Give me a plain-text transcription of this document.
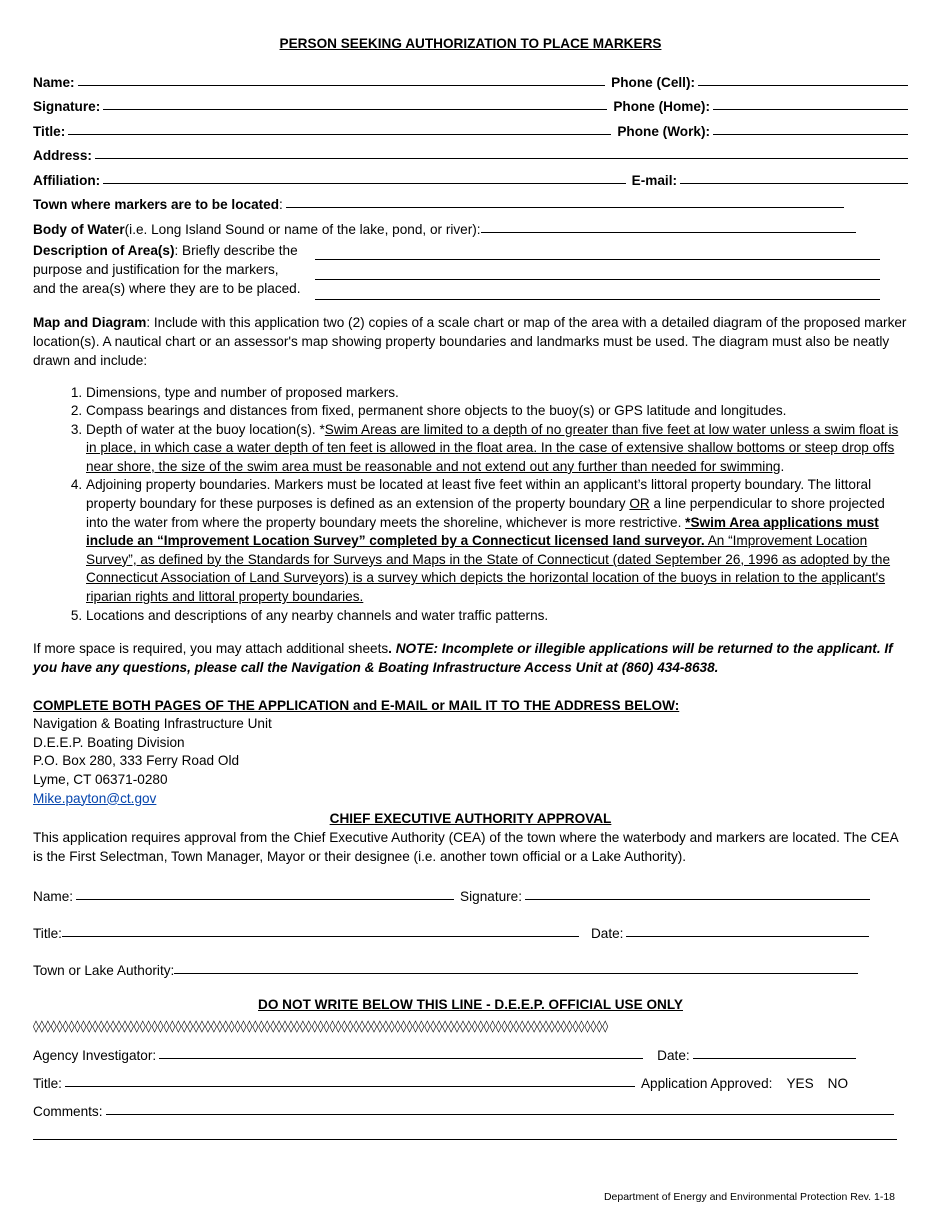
PERSON SEEKING AUTHORIZATION TO PLACE MARKERS
Name:	Phone (Cell):
Signature:	Phone (Home):
Title:	Phone (Work):
Address:
Affiliation:	E-mail:
Town where markers are to be located :
Body of Water (i.e. Long Island Sound or name of the lake, pond, or river):
Description of Area(s): Briefly describe the
purpose and justification for the markers,
and the area(s) where they are to be placed.

Map and Diagram: Include with this application two (2) copies of a scale chart or map of the area with a detailed diagram of the proposed marker location(s). A nautical chart or an assessor's map showing property boundaries and landmarks must be used. The diagram must also be neatly drawn and include:

1. Dimensions, type and number of proposed markers.
2. Compass bearings and distances from fixed, permanent shore objects to the buoy(s) or GPS latitude and longitudes.
3. Depth of water at the buoy location(s). *Swim Areas are limited to a depth of no greater than five feet at low water unless a swim float is in place, in which case a water depth of ten feet is allowed in the float area. In the case of extensive shallow bottoms or steep drop offs near shore, the size of the swim area must be reasonable and not extend out any further than needed for swimming.
4. Adjoining property boundaries. Markers must be located at least five feet within an applicant’s littoral property boundary. The littoral property boundary for these purposes is defined as an extension of the property boundary OR a line perpendicular to shore projected into the water from where the property boundary meets the shoreline, whichever is more restrictive. *Swim Area applications must include an “Improvement Location Survey” completed by a Connecticut licensed land surveyor. An “Improvement Location Survey”, as defined by the Standards for Surveys and Maps in the State of Connecticut (dated September 26, 1996 as adopted by the Connecticut Association of Land Surveyors) is a survey which depicts the horizontal location of the buoys in relation to the applicant's riparian rights and littoral property boundaries.
5. Locations and descriptions of any nearby channels and water traffic patterns.

If more space is required, you may attach additional sheets. NOTE: Incomplete or illegible applications will be returned to the applicant. If you have any questions, please call the Navigation & Boating Infrastructure Access Unit at (860) 434-8638.

COMPLETE BOTH PAGES OF THE APPLICATION and E-MAIL or MAIL IT TO THE ADDRESS BELOW:
Navigation & Boating Infrastructure Unit
D.E.E.P. Boating Division
P.O. Box 280, 333 Ferry Road Old
Lyme, CT 06371-0280
Mike.payton@ct.gov
CHIEF EXECUTIVE AUTHORITY APPROVAL

This application requires approval from the Chief Executive Authority (CEA) of the town where the waterbody and markers are located. The CEA is the First Selectman, Town Manager, Mayor or their designee (i.e. another town official or a Lake Authority).

Name:	Signature:
Title:	Date:
Town or Lake Authority:
DO NOT WRITE BELOW THIS LINE - D.E.E.P. OFFICIAL USE ONLY
◊◊◊◊◊◊◊◊◊◊◊◊◊◊◊◊◊◊◊◊◊◊◊◊◊◊◊◊◊◊◊◊◊◊◊◊◊◊◊◊◊◊◊◊◊◊◊◊◊◊◊◊◊◊◊◊◊◊◊◊◊◊◊◊◊◊◊◊◊◊◊◊◊◊◊◊◊◊◊◊◊◊◊◊◊◊◊◊◊◊◊◊◊◊◊◊◊
Agency Investigator:	Date:
Title:	Application Approved: YES NO
Comments:
Department of Energy and Environmental Protection Rev. 1-18
